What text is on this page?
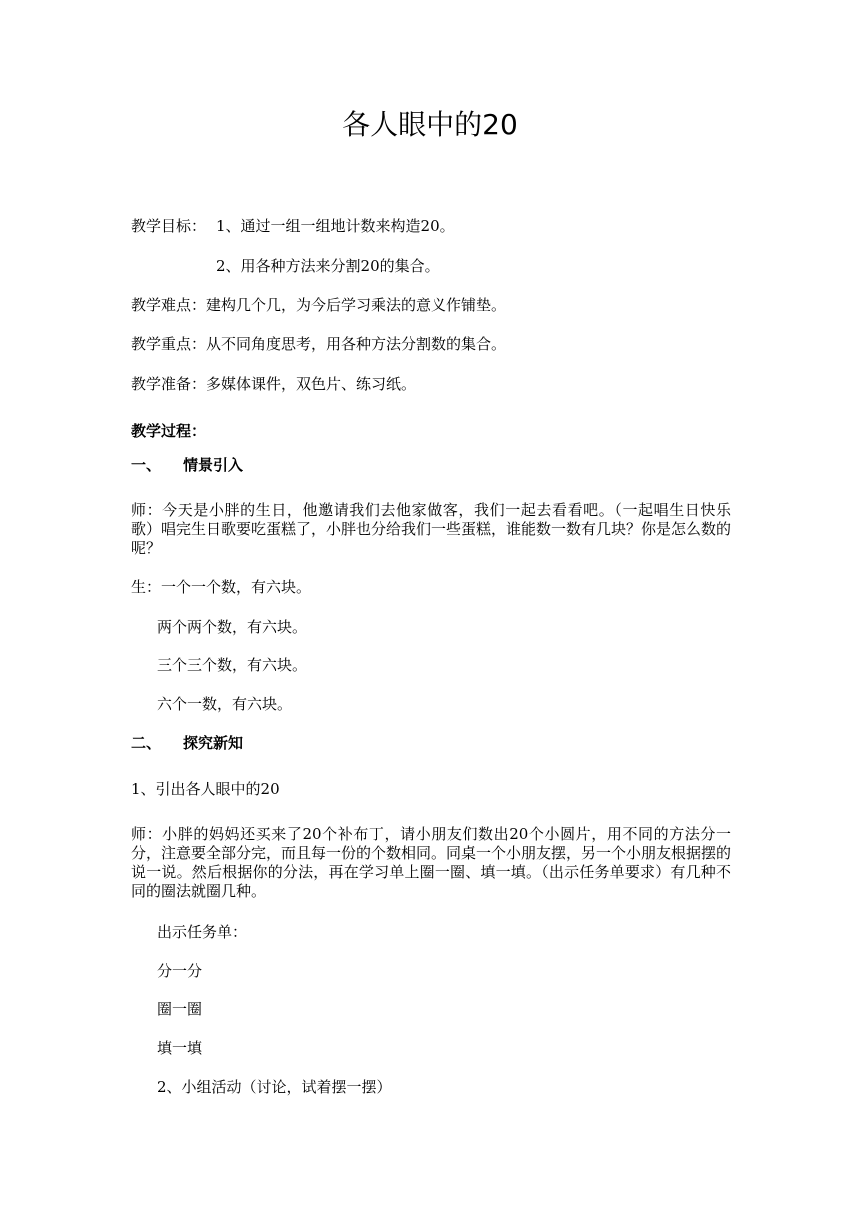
各人眼中的20

教学目标： 1、通过一组一组地计数来构造20。

2、用各种方法来分割20的集合。

教学难点：建构几个几，为今后学习乘法的意义作铺垫。

教学重点：从不同角度思考，用各种方法分割数的集合。

教学准备：多媒体课件，双色片、练习纸。

教学过程：

一、 情景引入

师：今天是小胖的生日，他邀请我们去他家做客，我们一起去看看吧。（一起唱生日快乐歌）唱完生日歌要吃蛋糕了，小胖也分给我们一些蛋糕，谁能数一数有几块？你是怎么数的呢？

生：一个一个数，有六块。

两个两个数，有六块。

三个三个数，有六块。

六个一数，有六块。

二、 探究新知

1、引出各人眼中的20

师：小胖的妈妈还买来了20个补布丁，请小朋友们数出20个小圆片，用不同的方法分一分，注意要全部分完，而且每一份的个数相同。同桌一个小朋友摆，另一个小朋友根据摆的说一说。然后根据你的分法，再在学习单上圈一圈、填一填。（出示任务单要求）有几种不同的圈法就圈几种。

出示任务单：

分一分

圈一圈

填一填

2、小组活动（讨论，试着摆一摆）
